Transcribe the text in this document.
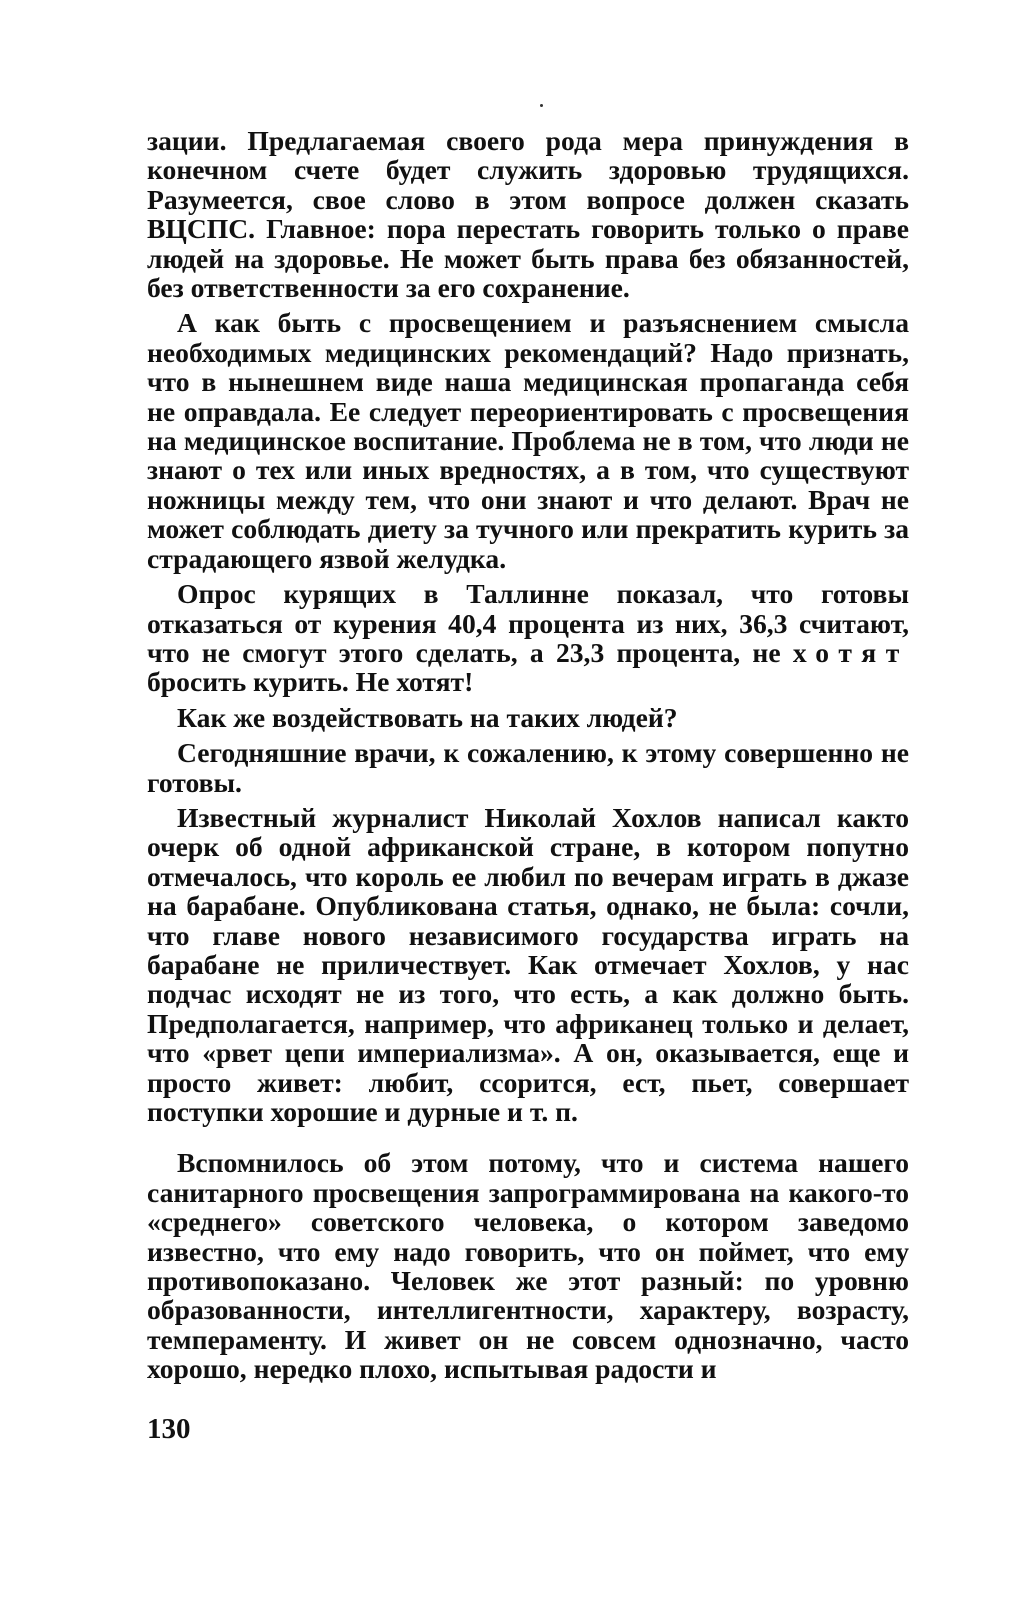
зации. Предлагаемая своего рода мера принуждения в конечном счете будет служить здоровью трудящихся. Разумеется, свое слово в этом вопросе должен сказать ВЦСПС. Главное: пора перестать говорить только о праве людей на здоровье. Не может быть права без обязанностей, без ответственности за его сохранение.

А как быть с просвещением и разъяснением смысла необходимых медицинских рекомендаций? Надо признать, что в нынешнем виде наша медицинская пропаганда себя не оправдала. Ее следует переориентировать с просвещения на медицинское воспитание. Проблема не в том, что люди не знают о тех или иных вредностях, а в том, что существуют ножницы между тем, что они знают и что делают. Врач не может соблюдать диету за тучного или прекратить курить за страдающего язвой желудка.

Опрос курящих в Таллинне показал, что готовы отказаться от курения 40,4 процента из них, 36,3 считают, что не смогут этого сделать, а 23,3 процента, не хотят бросить курить. Не хотят!

Как же воздействовать на таких людей?

Сегодняшние врачи, к сожалению, к этому совершенно не готовы.

Известный журналист Николай Хохлов написал както очерк об одной африканской стране, в котором попутно отмечалось, что король ее любил по вечерам играть в джазе на барабане. Опубликована статья, однако, не была: сочли, что главе нового независимого государства играть на барабане не приличествует. Как отмечает Хохлов, у нас подчас исходят не из того, что есть, а как должно быть. Предполагается, например, что африканец только и делает, что «рвет цепи империализма». А он, оказывается, еще и просто живет: любит, ссорится, ест, пьет, совершает поступки хорошие и дурные и т. п.

Вспомнилось об этом потому, что и система нашего санитарного просвещения запрограммирована на какого-то «среднего» советского человека, о котором заведомо известно, что ему надо говорить, что он поймет, что ему противопоказано. Человек же этот разный: по уровню образованности, интеллигентности, характеру, возрасту, темпераменту. И живет он не совсем однозначно, часто хорошо, нередко плохо, испытывая радости и

130
